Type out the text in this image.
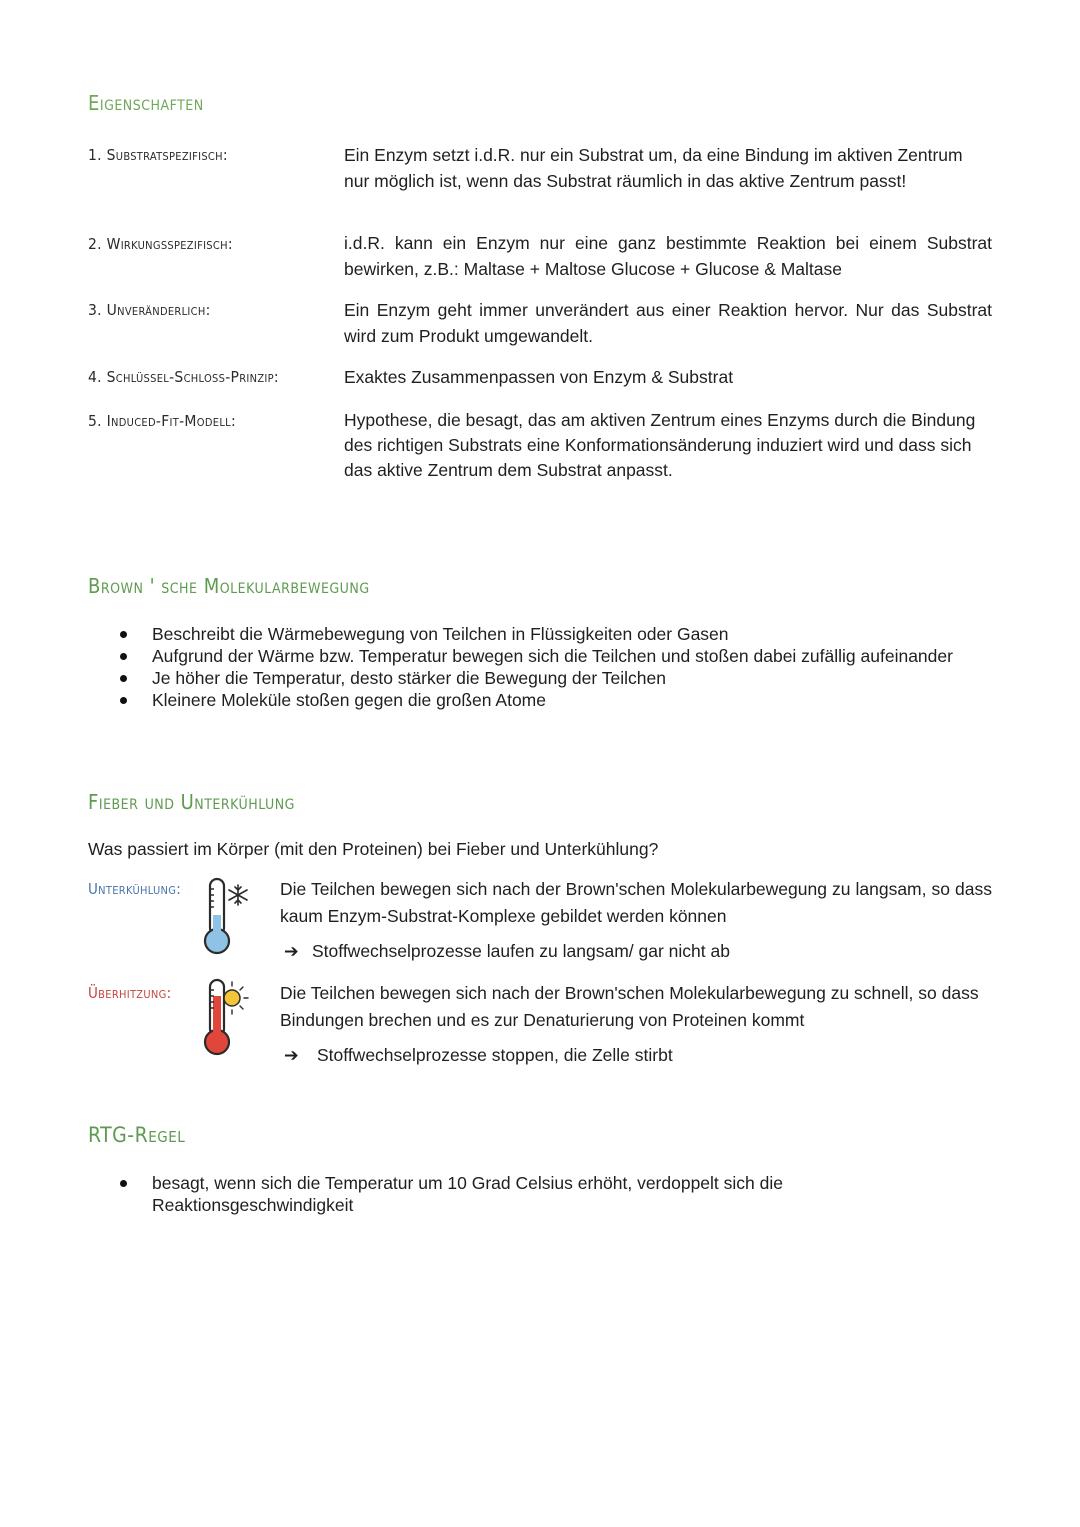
Eigenschaften
1. Substratspezifisch:	Ein Enzym setzt i.d.R. nur ein Substrat um, da eine Bindung im aktiven Zentrum nur möglich ist, wenn das Substrat räumlich in das aktive Zentrum passt!
2. Wirkungsspezifisch:	i.d.R. kann ein Enzym nur eine ganz bestimmte Reaktion bei einem Substrat bewirken, z.B.: Maltase + Maltose Glucose + Glucose & Maltase
3. Unveränderlich:	Ein Enzym geht immer unverändert aus einer Reaktion hervor. Nur das Substrat wird zum Produkt umgewandelt.
4. Schlüssel-Schloss-Prinzip:	Exaktes Zusammenpassen von Enzym & Substrat
5. Induced-Fit-Modell:	Hypothese, die besagt, das am aktiven Zentrum eines Enzyms durch die Bindung des richtigen Substrats eine Konformationsänderung induziert wird und dass sich das aktive Zentrum dem Substrat anpasst.
Brown ' sche Molekularbewegung
Beschreibt die Wärmebewegung von Teilchen in Flüssigkeiten oder Gasen
Aufgrund der Wärme bzw. Temperatur bewegen sich die Teilchen und stoßen dabei zufällig aufeinander
Je höher die Temperatur, desto stärker die Bewegung der Teilchen
Kleinere Moleküle stoßen gegen die großen Atome
Fieber und Unterkühlung
Was passiert im Körper (mit den Proteinen) bei Fieber und Unterkühlung?
Unterkühlung:	Die Teilchen bewegen sich nach der Brown'schen Molekularbewegung zu langsam, so dass kaum Enzym-Substrat-Komplexe gebildet werden können
➔ Stoffwechselprozesse laufen zu langsam/ gar nicht ab
Überhitzung:	Die Teilchen bewegen sich nach der Brown'schen Molekularbewegung zu schnell, so dass Bindungen brechen und es zur Denaturierung von Proteinen kommt
➔ Stoffwechselprozesse stoppen, die Zelle stirbt
RTG-Regel
besagt, wenn sich die Temperatur um 10 Grad Celsius erhöht, verdoppelt sich die Reaktionsgeschwindigkeit
